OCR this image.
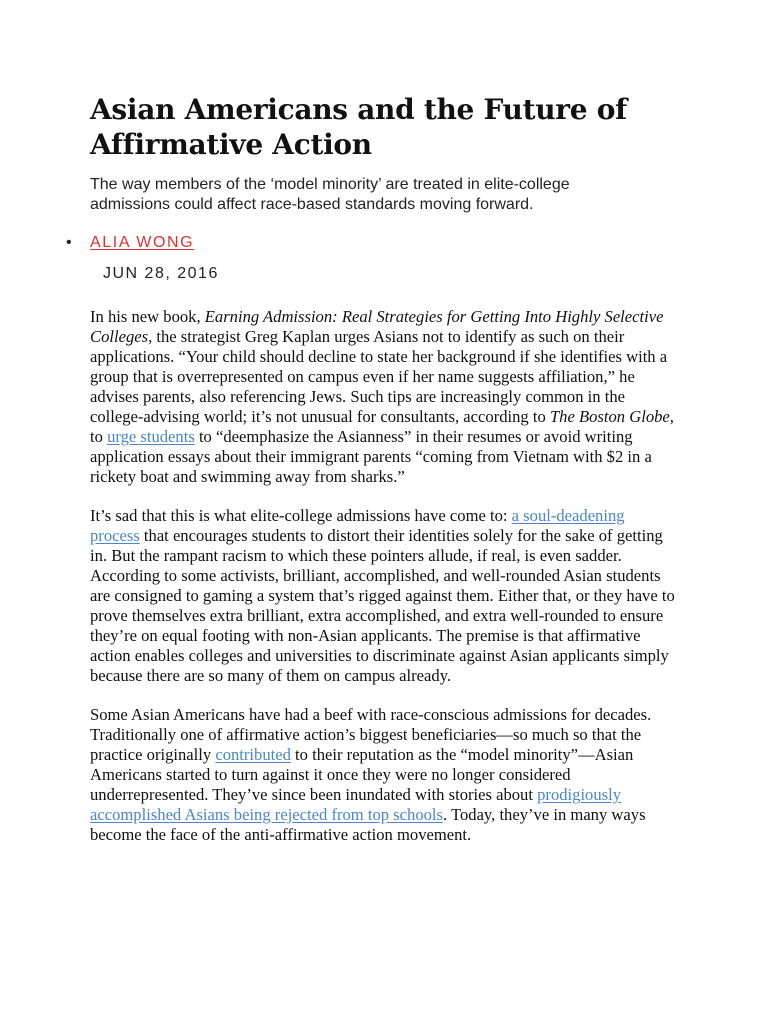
Asian Americans and the Future of Affirmative Action
The way members of the ‘model minority’ are treated in elite-college admissions could affect race-based standards moving forward.
•	ALIA WONG
JUN 28, 2016

In his new book, Earning Admission: Real Strategies for Getting Into Highly Selective Colleges, the strategist Greg Kaplan urges Asians not to identify as such on their applications. “Your child should decline to state her background if she identifies with a group that is overrepresented on campus even if her name suggests affiliation,” he advises parents, also referencing Jews. Such tips are increasingly common in the college-advising world; it’s not unusual for consultants, according to The Boston Globe, to urge students to “deemphasize the Asianness” in their resumes or avoid writing application essays about their immigrant parents “coming from Vietnam with $2 in a rickety boat and swimming away from sharks.”

It’s sad that this is what elite-college admissions have come to: a soul-deadening process that encourages students to distort their identities solely for the sake of getting in. But the rampant racism to which these pointers allude, if real, is even sadder. According to some activists, brilliant, accomplished, and well-rounded Asian students are consigned to gaming a system that’s rigged against them. Either that, or they have to prove themselves extra brilliant, extra accomplished, and extra well-rounded to ensure they’re on equal footing with non-Asian applicants. The premise is that affirmative action enables colleges and universities to discriminate against Asian applicants simply because there are so many of them on campus already.

Some Asian Americans have had a beef with race-conscious admissions for decades. Traditionally one of affirmative action’s biggest beneficiaries—so much so that the practice originally contributed to their reputation as the “model minority”—Asian Americans started to turn against it once they were no longer considered underrepresented. They’ve since been inundated with stories about prodigiously accomplished Asians being rejected from top schools. Today, they’ve in many ways become the face of the anti-affirmative action movement.
